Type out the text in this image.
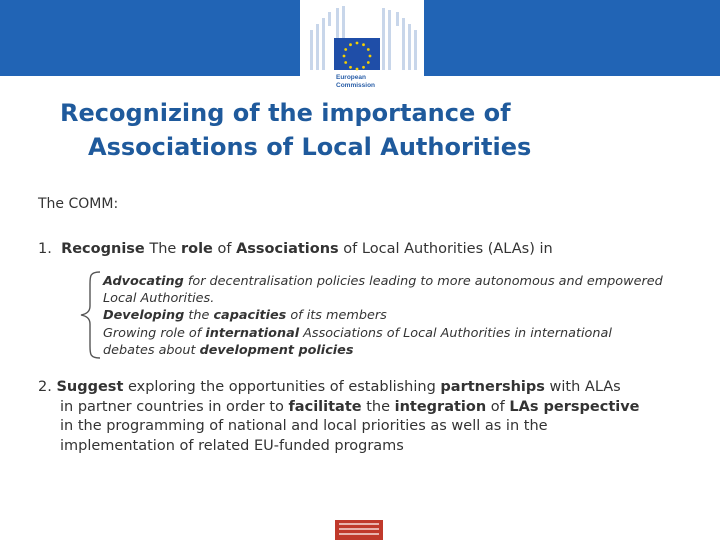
European
Commission
Recognizing of the importance of
Associations of Local Authorities
The COMM:
1. Recognise The role of Associations of Local Authorities (ALAs) in
Advocating for decentralisation policies leading to more autonomous and empowered Local Authorities.
Developing the capacities of its members
Growing role of international Associations of Local Authorities in international debates about development policies
2. Suggest exploring the opportunities of establishing partnerships with ALAs
in partner countries in order to facilitate the integration of LAs perspective
in the programming of national and local priorities as well as in the
implementation of related EU-funded programs
